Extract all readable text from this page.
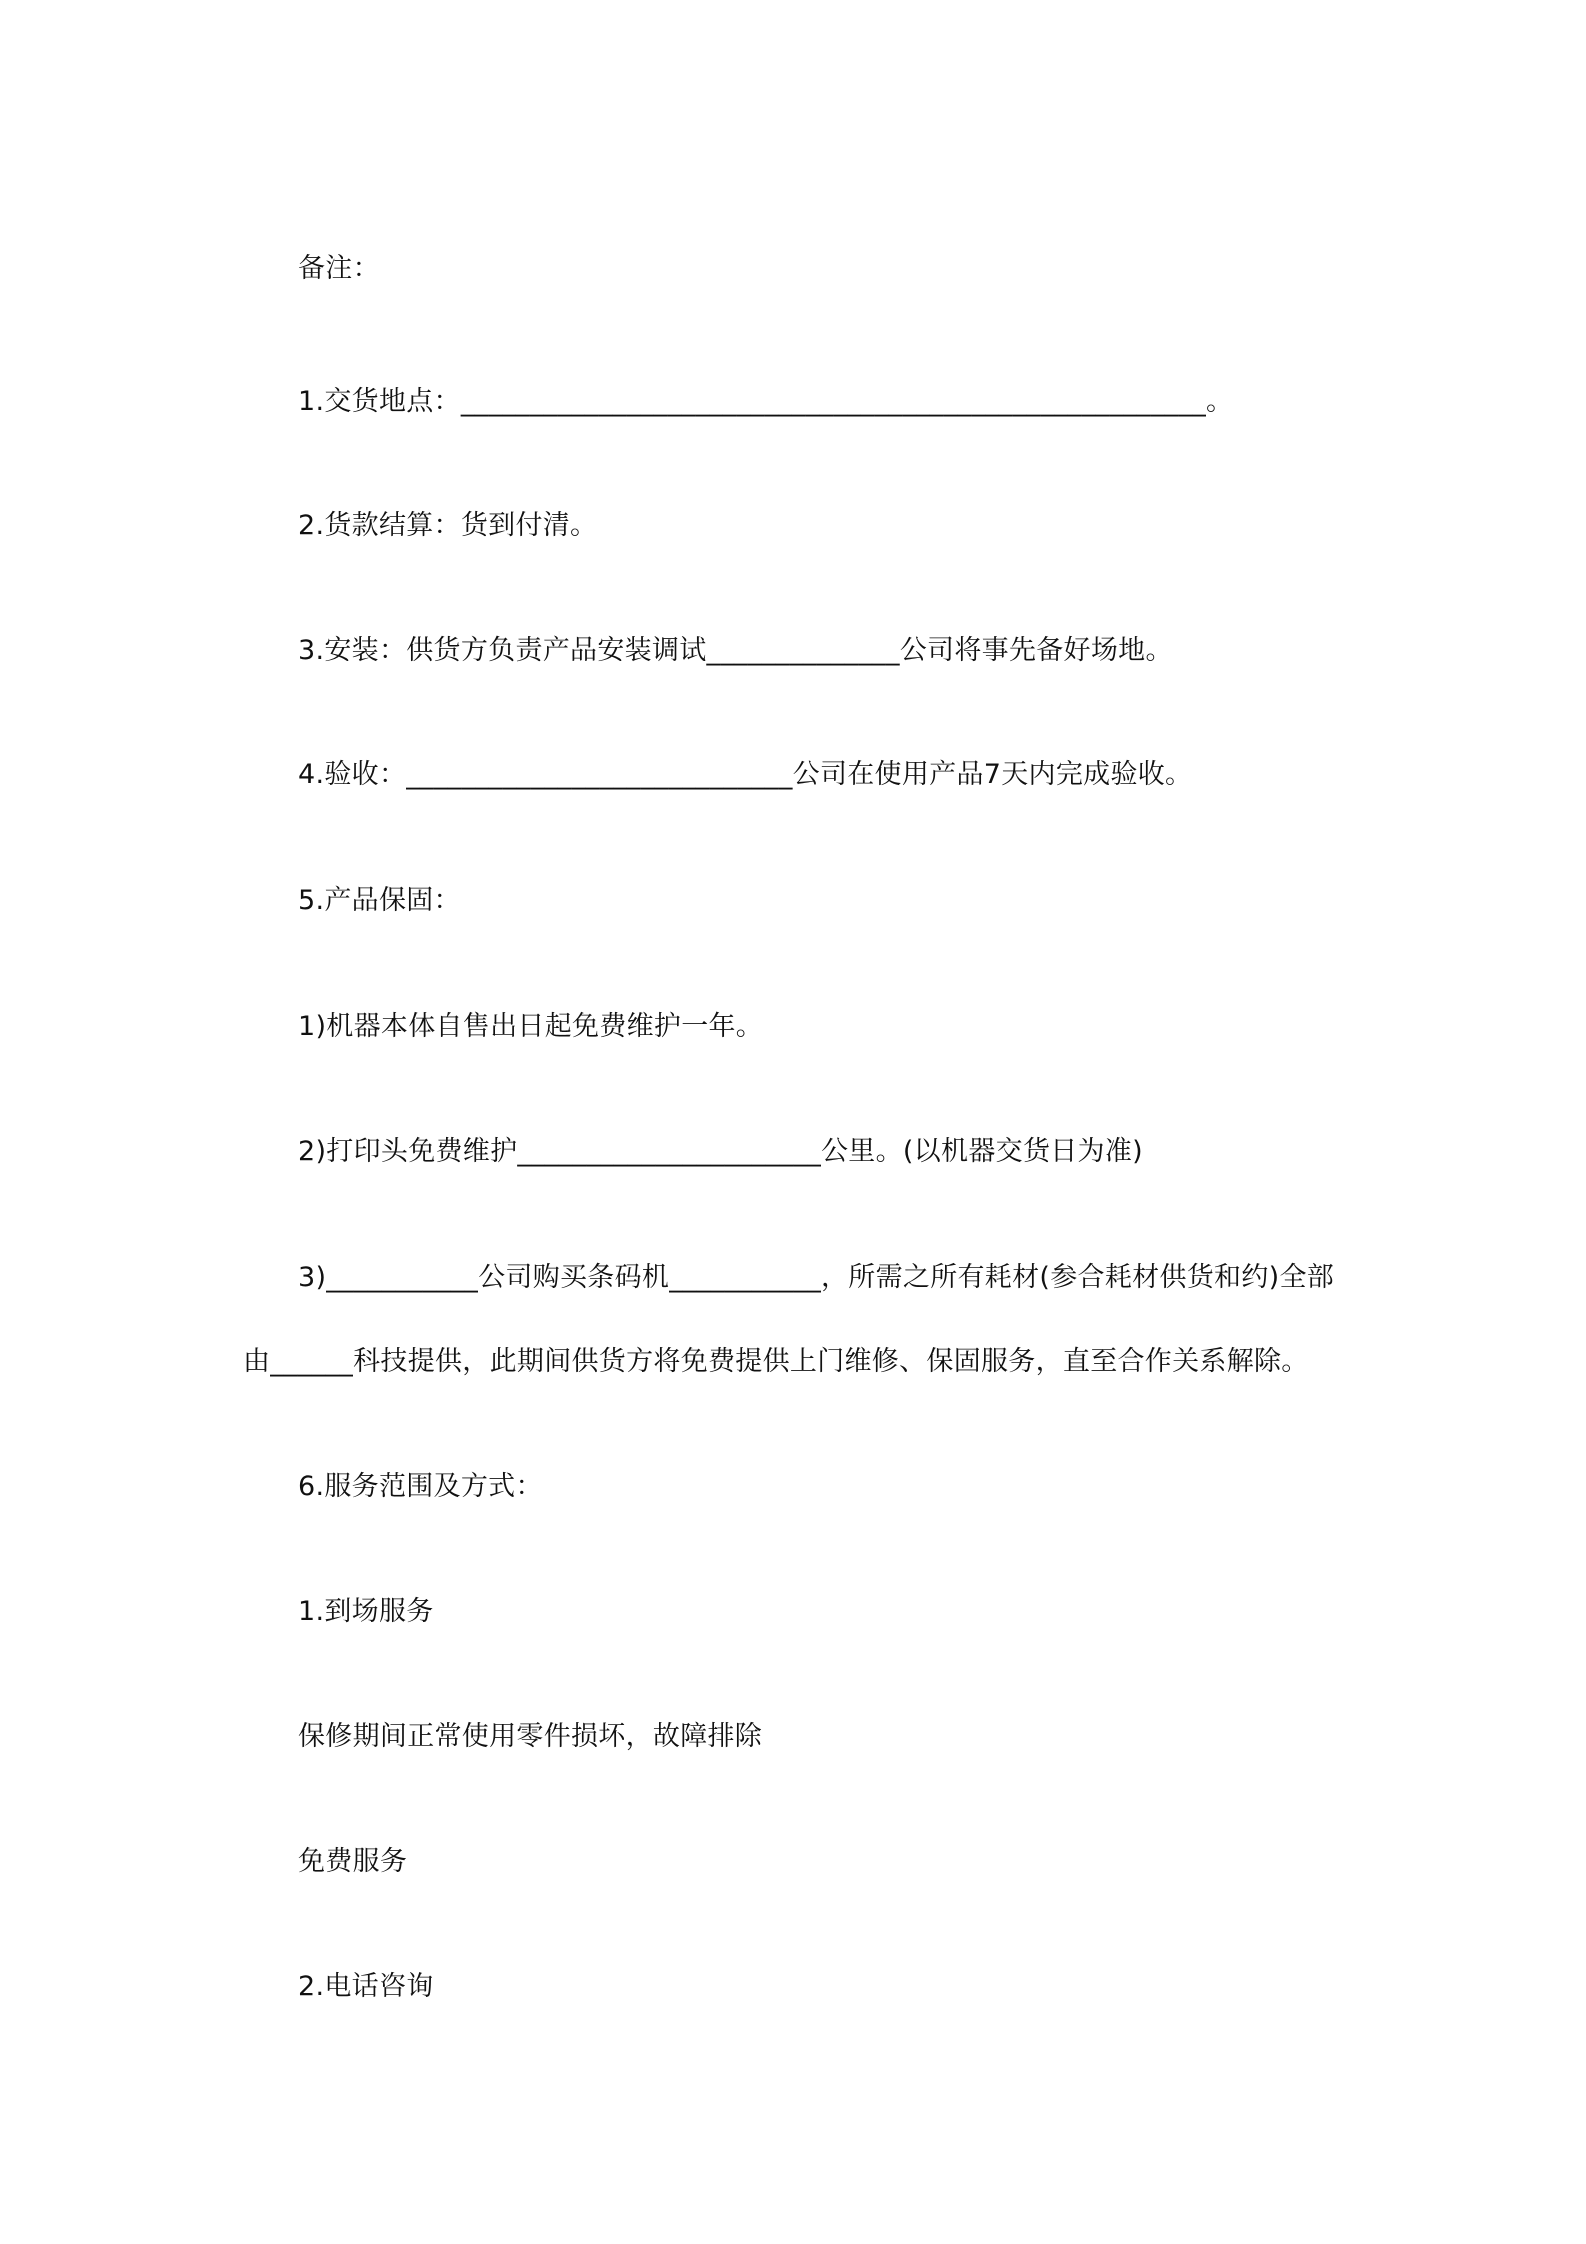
备注：
1.交货地点：______________________________________________________。
2.货款结算：货到付清。
3.安装：供货方负责产品安装调试______________公司将事先备好场地。
4.验收：____________________________公司在使用产品7天内完成验收。
5.产品保固：
1)机器本体自售出日起免费维护一年。
2)打印头免费维护______________________公里。(以机器交货日为准)
3)___________公司购买条码机___________，所需之所有耗材(参合耗材供货和约)全部
由______科技提供，此期间供货方将免费提供上门维修、保固服务，直至合作关系解除。
6.服务范围及方式：
1.到场服务
保修期间正常使用零件损坏，故障排除
免费服务
2.电话咨询
